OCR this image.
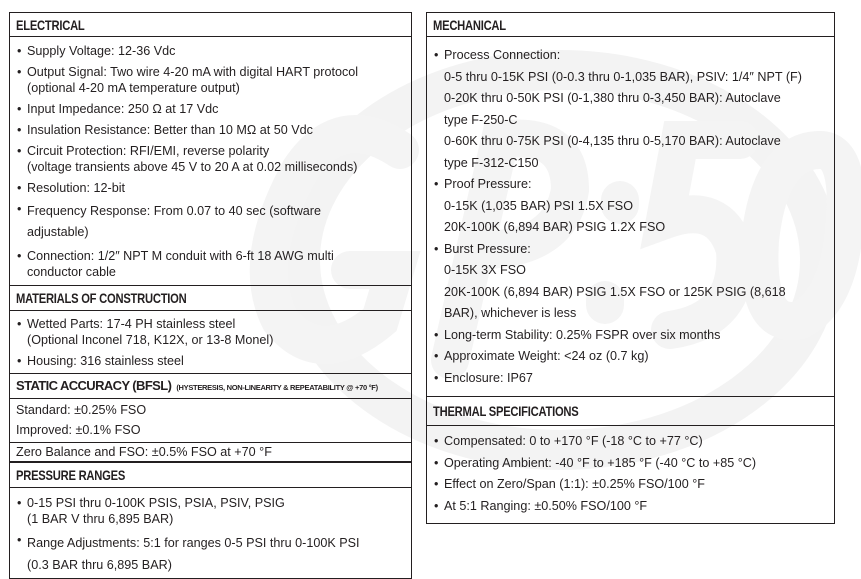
ELECTRICAL
• Supply Voltage: 12-36 Vdc
• Output Signal: Two wire 4-20 mA with digital HART protocol
(optional 4-20 mA temperature output)
• Input Impedance: 250 Ω at 17 Vdc
• Insulation Resistance: Better than 10 MΩ at 50 Vdc
• Circuit Protection: RFI/EMI, reverse polarity
(voltage transients above 45 V to 20 A at 0.02 milliseconds)
• Resolution: 12-bit
• Frequency Response: From 0.07 to 40 sec (software
adjustable)
• Connection: 1/2″ NPT M conduit with 6-ft 18 AWG multi
conductor cable
MATERIALS OF CONSTRUCTION
• Wetted Parts: 17-4 PH stainless steel
(Optional Inconel 718, K12X, or 13-8 Monel)
• Housing: 316 stainless steel
STATIC ACCURACY (BFSL) (HYSTERESIS, NON-LINEARITY & REPEATABILITY @ +70 °F)
Standard: ±0.25% FSO
Improved: ±0.1% FSO
Zero Balance and FSO: ±0.5% FSO at +70 °F
PRESSURE RANGES
• 0-15 PSI thru 0-100K PSIS, PSIA, PSIV, PSIG
(1 BAR V thru 6,895 BAR)
• Range Adjustments: 5:1 for ranges 0-5 PSI thru 0-100K PSI
(0.3 BAR thru 6,895 BAR)
MECHANICAL
• Process Connection:
0-5 thru 0-15K PSI (0-0.3 thru 0-1,035 BAR), PSIV: 1/4″ NPT (F)
0-20K thru 0-50K PSI (0-1,380 thru 0-3,450 BAR): Autoclave
type F-250-C
0-60K thru 0-75K PSI (0-4,135 thru 0-5,170 BAR): Autoclave
type F-312-C150
• Proof Pressure:
0-15K (1,035 BAR) PSI 1.5X FSO
20K-100K (6,894 BAR) PSIG 1.2X FSO
• Burst Pressure:
0-15K 3X FSO
20K-100K (6,894 BAR) PSIG 1.5X FSO or 125K PSIG (8,618
BAR), whichever is less
• Long-term Stability: 0.25% FSPR over six months
• Approximate Weight: <24 oz (0.7 kg)
• Enclosure: IP67
THERMAL SPECIFICATIONS
• Compensated: 0 to +170 °F (-18 °C to +77 °C)
• Operating Ambient: -40 °F to +185 °F (-40 °C to +85 °C)
• Effect on Zero/Span (1:1): ±0.25% FSO/100 °F
• At 5:1 Ranging: ±0.50% FSO/100 °F
